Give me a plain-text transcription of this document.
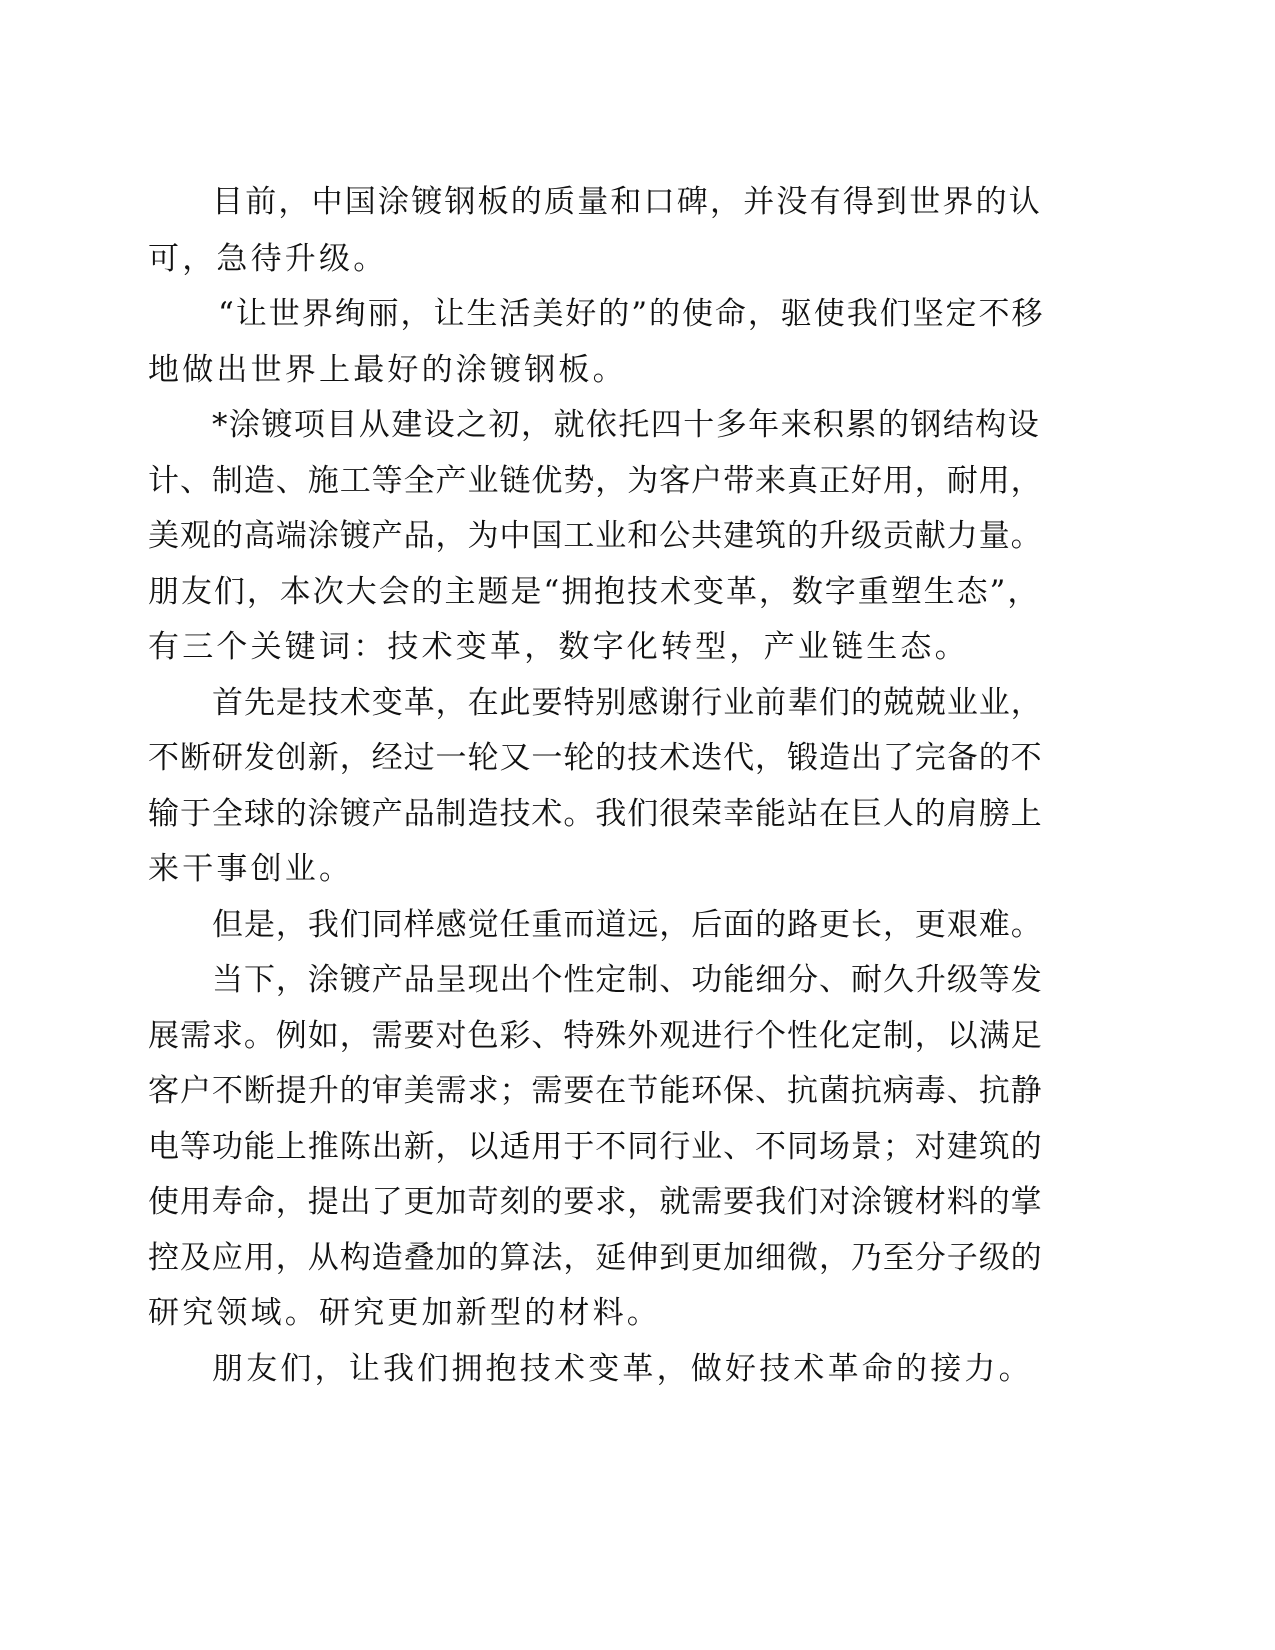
目前，中国涂镀钢板的质量和口碑，并没有得到世界的认

可，急待升级。

“让世界绚丽，让生活美好的”的使命，驱使我们坚定不移

地做出世界上最好的涂镀钢板。

*涂镀项目从建设之初，就依托四十多年来积累的钢结构设

计、制造、施工等全产业链优势，为客户带来真正好用，耐用，

美观的高端涂镀产品，为中国工业和公共建筑的升级贡献力量。

朋友们，本次大会的主题是“拥抱技术变革，数字重塑生态”，

有三个关键词：技术变革，数字化转型，产业链生态。

首先是技术变革，在此要特别感谢行业前辈们的兢兢业业，

不断研发创新，经过一轮又一轮的技术迭代，锻造出了完备的不

输于全球的涂镀产品制造技术。我们很荣幸能站在巨人的肩膀上

来干事创业。

但是，我们同样感觉任重而道远，后面的路更长，更艰难。

当下，涂镀产品呈现出个性定制、功能细分、耐久升级等发

展需求。例如，需要对色彩、特殊外观进行个性化定制，以满足

客户不断提升的审美需求；需要在节能环保、抗菌抗病毒、抗静

电等功能上推陈出新，以适用于不同行业、不同场景；对建筑的

使用寿命，提出了更加苛刻的要求，就需要我们对涂镀材料的掌

控及应用，从构造叠加的算法，延伸到更加细微，乃至分子级的

研究领域。研究更加新型的材料。

朋友们，让我们拥抱技术变革，做好技术革命的接力。
